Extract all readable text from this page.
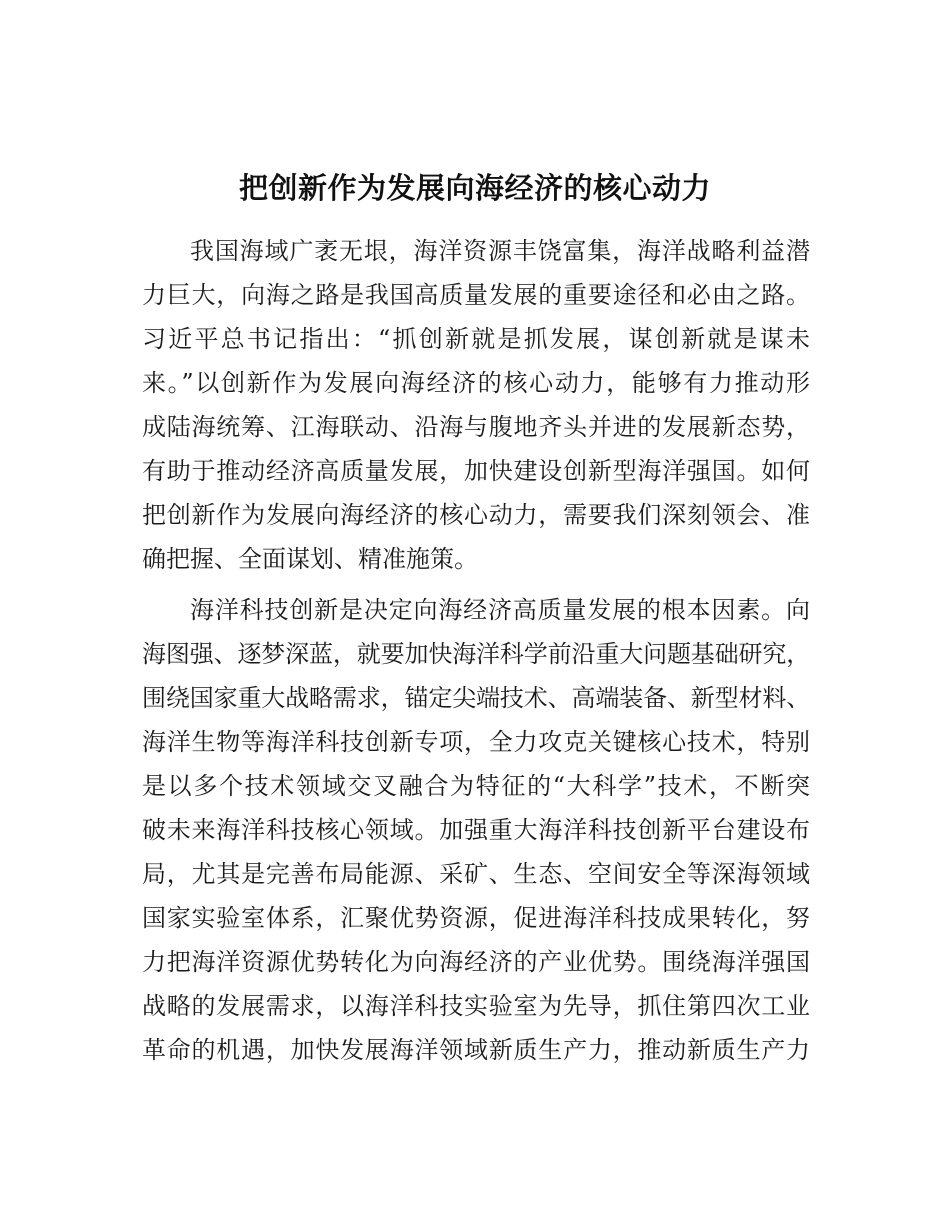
把创新作为发展向海经济的核心动力
我国海域广袤无垠，海洋资源丰饶富集，海洋战略利益潜
力巨大，向海之路是我国高质量发展的重要途径和必由之路。
习近平总书记指出：“抓创新就是抓发展，谋创新就是谋未
来。”以创新作为发展向海经济的核心动力，能够有力推动形
成陆海统筹、江海联动、沿海与腹地齐头并进的发展新态势，
有助于推动经济高质量发展，加快建设创新型海洋强国。如何
把创新作为发展向海经济的核心动力，需要我们深刻领会、准
确把握、全面谋划、精准施策。
海洋科技创新是决定向海经济高质量发展的根本因素。向
海图强、逐梦深蓝，就要加快海洋科学前沿重大问题基础研究，
围绕国家重大战略需求，锚定尖端技术、高端装备、新型材料、
海洋生物等海洋科技创新专项，全力攻克关键核心技术，特别
是以多个技术领域交叉融合为特征的“大科学”技术，不断突
破未来海洋科技核心领域。加强重大海洋科技创新平台建设布
局，尤其是完善布局能源、采矿、生态、空间安全等深海领域
国家实验室体系，汇聚优势资源，促进海洋科技成果转化，努
力把海洋资源优势转化为向海经济的产业优势。围绕海洋强国
战略的发展需求，以海洋科技实验室为先导，抓住第四次工业
革命的机遇，加快发展海洋领域新质生产力，推动新质生产力
